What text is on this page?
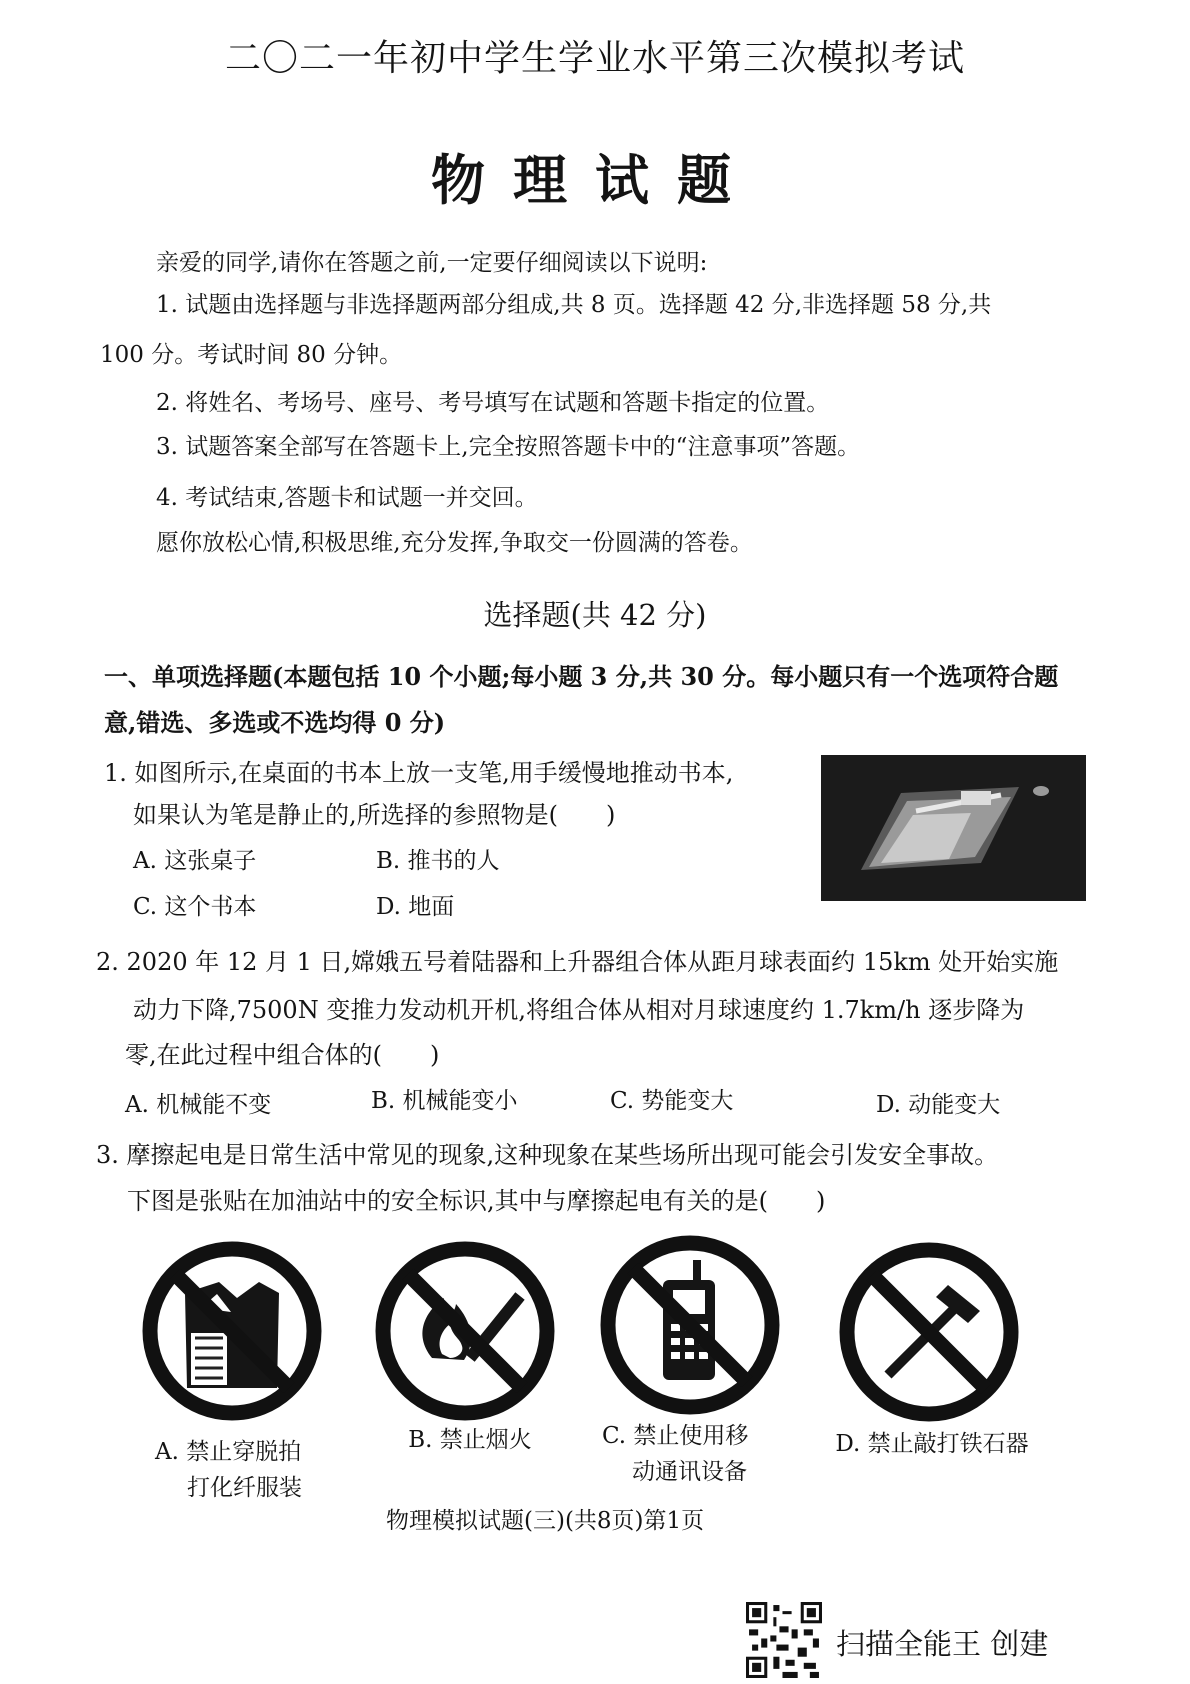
二〇二一年初中学生学业水平第三次模拟考试
物理试题
亲爱的同学,请你在答题之前,一定要仔细阅读以下说明:
1. 试题由选择题与非选择题两部分组成,共 8 页。选择题 42 分,非选择题 58 分,共
100 分。考试时间 80 分钟。
2. 将姓名、考场号、座号、考号填写在试题和答题卡指定的位置。
3. 试题答案全部写在答题卡上,完全按照答题卡中的“注意事项”答题。
4. 考试结束,答题卡和试题一并交回。
愿你放松心情,积极思维,充分发挥,争取交一份圆满的答卷。
选择题(共 42 分)
一、单项选择题(本题包括 10 个小题;每小题 3 分,共 30 分。每小题只有一个选项符合题
意,错选、多选或不选均得 0 分)
1. 如图所示,在桌面的书本上放一支笔,用手缓慢地推动书本,
如果认为笔是静止的,所选择的参照物是(　　)
A. 这张桌子	B. 推书的人
C. 这个书本	D. 地面
2. 2020 年 12 月 1 日,嫦娥五号着陆器和上升器组合体从距月球表面约 15km 处开始实施
动力下降,7500N 变推力发动机开机,将组合体从相对月球速度约 1.7km/h 逐步降为
零,在此过程中组合体的(　　)
A. 机械能不变	B. 机械能变小	C. 势能变大	D. 动能变大
3. 摩擦起电是日常生活中常见的现象,这种现象在某些场所出现可能会引发安全事故。
下图是张贴在加油站中的安全标识,其中与摩擦起电有关的是(　　)
A. 禁止穿脱拍
打化纤服装
B. 禁止烟火	C. 禁止使用移
动通讯设备
D. 禁止敲打铁石器
物理模拟试题(三)(共8页)第1页
扫描全能王 创建
